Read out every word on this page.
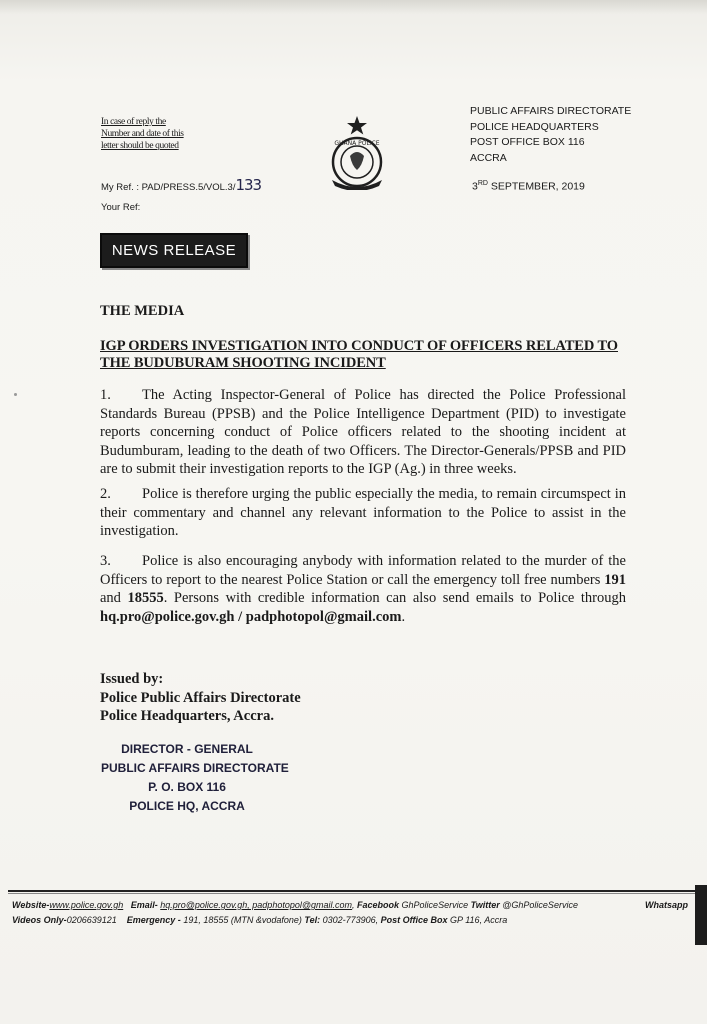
In case of reply the
Number and date of this
letter should be quoted
My Ref. : PAD/PRESS.5/VOL.3/133
Your Ref:
GHANA POLICE
PUBLIC AFFAIRS DIRECTORATE
POLICE HEADQUARTERS
POST OFFICE BOX 116
ACCRA
3RD SEPTEMBER, 2019
NEWS RELEASE
THE MEDIA
IGP ORDERS INVESTIGATION INTO CONDUCT OF OFFICERS RELATED TO THE BUDUBURAM SHOOTING INCIDENT
1. The Acting Inspector-General of Police has directed the Police Professional Standards Bureau (PPSB) and the Police Intelligence Department (PID) to investigate reports concerning conduct of Police officers related to the shooting incident at Budumburam, leading to the death of two Officers. The Director-Generals/PPSB and PID are to submit their investigation reports to the IGP (Ag.) in three weeks.
2. Police is therefore urging the public especially the media, to remain circumspect in their commentary and channel any relevant information to the Police to assist in the investigation.
3. Police is also encouraging anybody with information related to the murder of the Officers to report to the nearest Police Station or call the emergency toll free numbers 191 and 18555. Persons with credible information can also send emails to Police through hq.pro@police.gov.gh / padphotopol@gmail.com.
Issued by:
Police Public Affairs Directorate
Police Headquarters, Accra.
DIRECTOR - GENERAL
PUBLIC AFFAIRS DIRECTORATE
P. O. BOX 116
POLICE HQ, ACCRA
Website-www.police.gov.gh Email- hq.pro@police.gov.gh, padphotopol@gmail.com, Facebook GhPoliceService Twitter @GhPoliceService	Whatsapp
Videos Only-0206639121 Emergency - 191, 18555 (MTN &vodafone) Tel: 0302-773906, Post Office Box GP 116, Accra
